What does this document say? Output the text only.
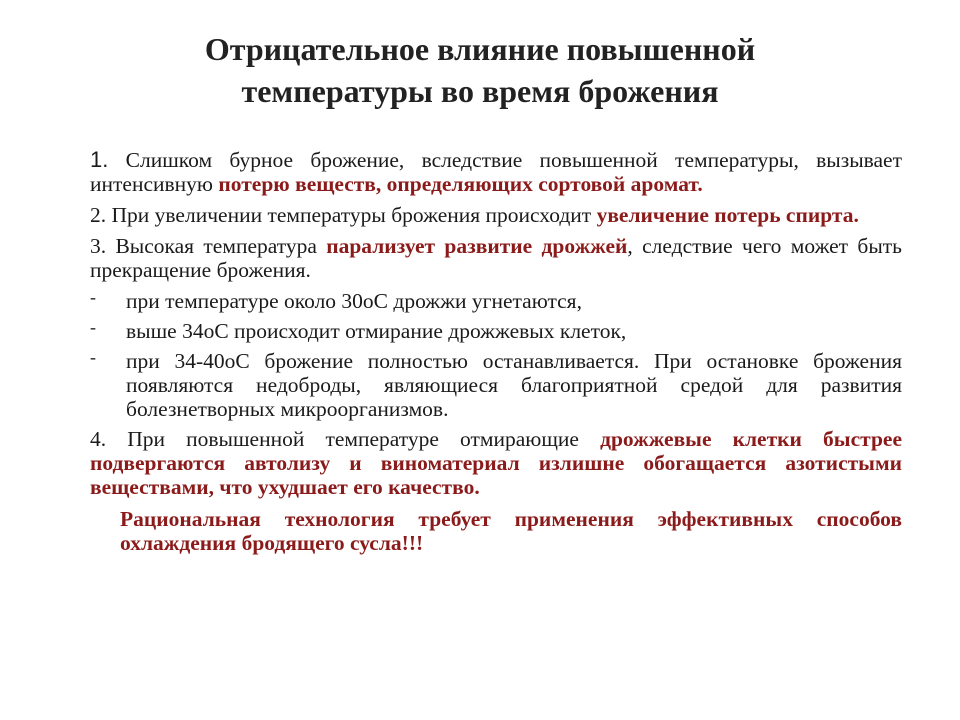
Отрицательное влияние повышенной
температуры во время брожения

1. Слишком бурное брожение, вследствие повышенной температуры, вызывает интенсивную потерю веществ, определяющих сортовой аромат.

2. При увеличении температуры брожения происходит увеличение потерь спирта.

3. Высокая температура парализует развитие дрожжей, следствие чего может быть прекращение брожения.

- при температуре около 30оС дрожжи угнетаются,
- выше 34оС происходит отмирание дрожжевых клеток,
- при 34-40оС брожение полностью останавливается. При остановке брожения появляются недоброды, являющиеся благоприятной средой для развития болезнетворных микроорганизмов.

4. При повышенной температуре отмирающие дрожжевые клетки быстрее подвергаются автолизу и виноматериал излишне обогащается азотистыми веществами, что ухудшает его качество.

Рациональная технология требует применения эффективных способов охлаждения бродящего сусла!!!
